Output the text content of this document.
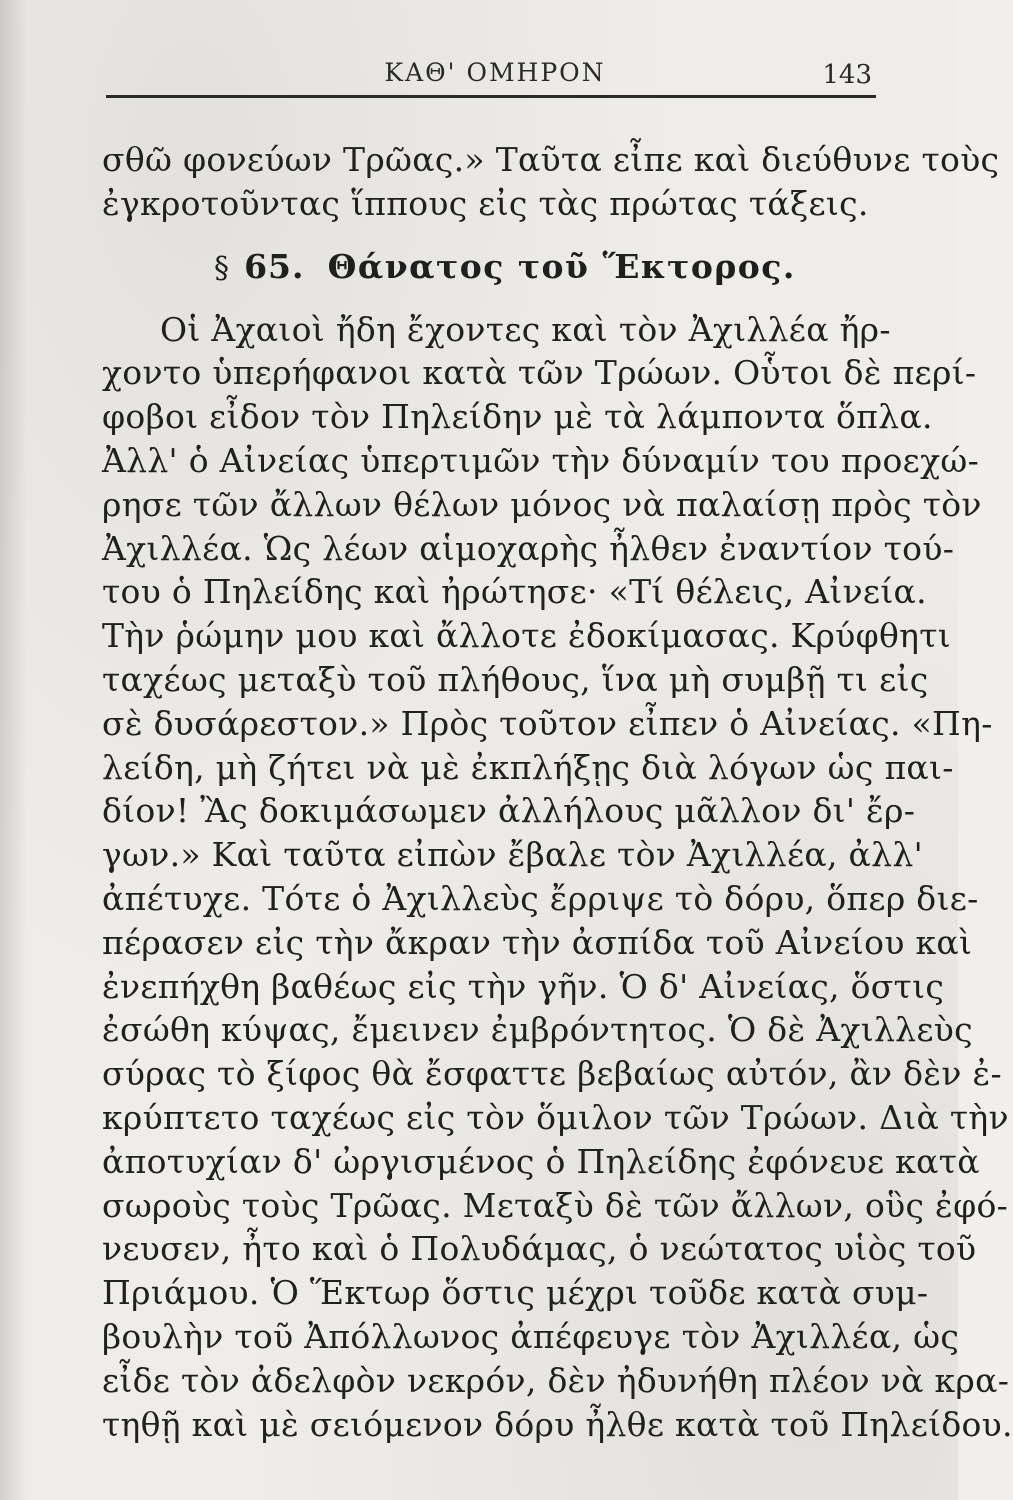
ΚΑΘ' ΟΜΗΡΟΝ	143
σθῶ φονεύων Τρῶας.» Ταῦτα εἶπε καὶ διεύθυνε τοὺς
ἐγκροτοῦντας ἵππους εἰς τὰς πρώτας τάξεις.
§ 65. Θάνατος τοῦ Ἕκτορος.
Οἱ Ἀχαιοὶ ἤδη ἔχοντες καὶ τὸν Ἀχιλλέα ἤρ-
χοντο ὑπερήφανοι κατὰ τῶν Τρώων. Οὗτοι δὲ περί-
φοβοι εἶδον τὸν Πηλείδην μὲ τὰ λάμποντα ὅπλα.
Ἀλλ' ὁ Αἰνείας ὑπερτιμῶν τὴν δύναμίν του προεχώ-
ρησε τῶν ἄλλων θέλων μόνος νὰ παλαίσῃ πρὸς τὸν
Ἀχιλλέα. Ὡς λέων αἱμοχαρὴς ἦλθεν ἐναντίον τού-
του ὁ Πηλείδης καὶ ἠρώτησε· «Τί θέλεις, Αἰνεία.
Τὴν ῥώμην μου καὶ ἄλλοτε ἐδοκίμασας. Κρύφθητι
ταχέως μεταξὺ τοῦ πλήθους, ἵνα μὴ συμβῇ τι εἰς
σὲ δυσάρεστον.» Πρὸς τοῦτον εἶπεν ὁ Αἰνείας. «Πη-
λείδη, μὴ ζήτει νὰ μὲ ἐκπλήξῃς διὰ λόγων ὡς παι-
δίον! Ἂς δοκιμάσωμεν ἀλλήλους μᾶλλον δι' ἔρ-
γων.» Καὶ ταῦτα εἰπὼν ἔβαλε τὸν Ἀχιλλέα, ἀλλ'
ἀπέτυχε. Τότε ὁ Ἀχιλλεὺς ἔρριψε τὸ δόρυ, ὅπερ διε-
πέρασεν εἰς τὴν ἄκραν τὴν ἀσπίδα τοῦ Αἰνείου καὶ
ἐνεπήχθη βαθέως εἰς τὴν γῆν. Ὁ δ' Αἰνείας, ὅστις
ἐσώθη κύψας, ἔμεινεν ἐμβρόντητος. Ὁ δὲ Ἀχιλλεὺς
σύρας τὸ ξίφος θὰ ἔσφαττε βεβαίως αὐτόν, ἂν δὲν ἐ-
κρύπτετο ταχέως εἰς τὸν ὅμιλον τῶν Τρώων. Διὰ τὴν
ἀποτυχίαν δ' ὠργισμένος ὁ Πηλείδης ἐφόνευε κατὰ
σωροὺς τοὺς Τρῶας. Μεταξὺ δὲ τῶν ἄλλων, οὓς ἐφό-
νευσεν, ἦτο καὶ ὁ Πολυδάμας, ὁ νεώτατος υἱὸς τοῦ
Πριάμου. Ὁ Ἕκτωρ ὅστις μέχρι τοῦδε κατὰ συμ-
βουλὴν τοῦ Ἀπόλλωνος ἀπέφευγε τὸν Ἀχιλλέα, ὡς
εἶδε τὸν ἀδελφὸν νεκρόν, δὲν ἠδυνήθη πλέον νὰ κρα-
τηθῇ καὶ μὲ σειόμενον δόρυ ἦλθε κατὰ τοῦ Πηλείδου.
